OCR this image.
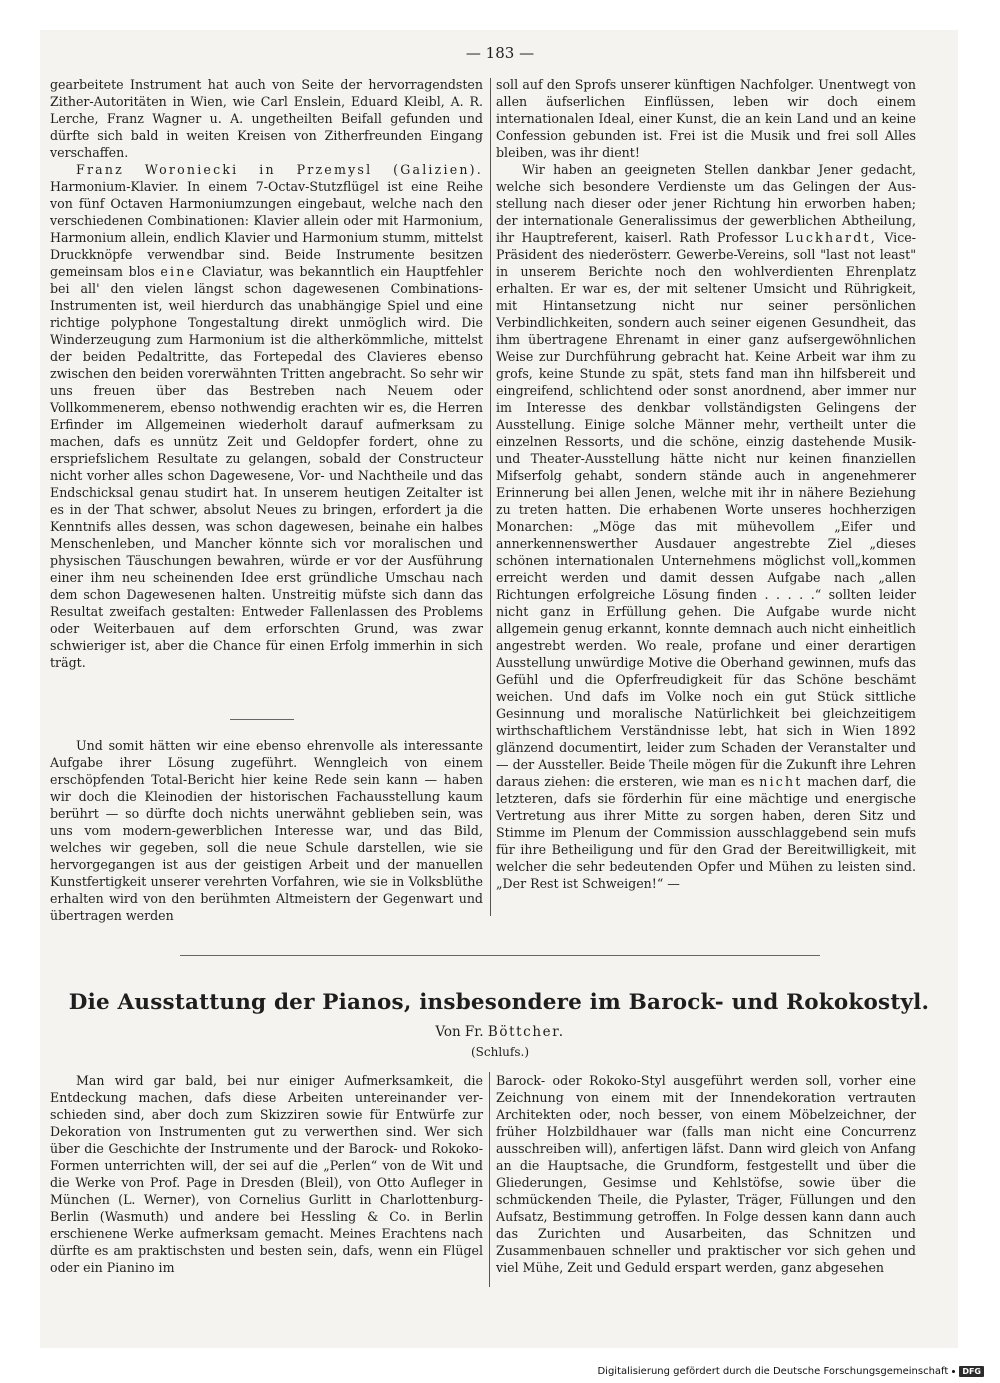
— 183 —

gearbeitete Instrument hat auch von Seite der hervorragendsten Zither-Autoritäten in Wien, wie Carl Enslein, Eduard Kleibl, A. R. Lerche, Franz Wagner u. A. ungetheilten Beifall gefunden und dürfte sich bald in weiten Kreisen von Zitherfreunden Eingang verschaffen.

Franz Woroniecki in Przemysl (Galizien). Harmonium-Klavier. In einem 7-Octav-Stutzflügel ist eine Reihe von fünf Octaven Harmoniumzungen eingebaut, welche nach den verschiedenen Combinationen: Klavier allein oder mit Harmonium, Harmonium allein, endlich Klavier und Harmonium stumm, mittelst Druckknöpfe verwendbar sind. Beide Instrumente besitzen gemeinsam blos eine Claviatur, was bekanntlich ein Hauptfehler bei all' den vielen längst schon dagewesenen Combinations-Instrumenten ist, weil hierdurch das unabhängige Spiel und eine richtige polyphone Tongestaltung direkt unmöglich wird. Die Winderzeugung zum Harmonium ist die altherkömmliche, mittelst der beiden Pedaltritte, das Fortepedal des Clavieres ebenso zwischen den beiden vorerwähnten Tritten angebracht. So sehr wir uns freuen über das Bestreben nach Neuem oder Vollkommenerem, ebenso nothwendig erachten wir es, die Herren Erfinder im Allgemeinen wiederholt darauf aufmerksam zu machen, dafs es unnütz Zeit und Geldopfer fordert, ohne zu erspriefslichem Resultate zu gelangen, sobald der Constructeur nicht vorher alles schon Dagewesene, Vor- und Nachtheile und das Endschicksal genau studirt hat. In unserem heutigen Zeitalter ist es in der That schwer, absolut Neues zu bringen, erfordert ja die Kenntnifs alles dessen, was schon dagewesen, beinahe ein halbes Menschenleben, und Mancher könnte sich vor moralischen und physischen Täuschungen bewahren, würde er vor der Ausführung einer ihm neu scheinenden Idee erst gründliche Umschau nach dem schon Dagewesenen halten. Unstreitig müfste sich dann das Resultat zweifach gestalten: Entweder Fallenlassen des Problems oder Weiterbauen auf dem erforschten Grund, was zwar schwieriger ist, aber die Chance für einen Erfolg immerhin in sich trägt.

Und somit hätten wir eine ebenso ehrenvolle als interessante Aufgabe ihrer Lösung zugeführt. Wenngleich von einem erschöpfenden Total-Bericht hier keine Rede sein kann — haben wir doch die Kleinodien der historischen Fachausstellung kaum berührt — so dürfte doch nichts unerwähnt geblieben sein, was uns vom modern-gewerblichen Interesse war, und das Bild, welches wir gegeben, soll die neue Schule darstellen, wie sie hervorgegangen ist aus der geistigen Arbeit und der manuellen Kunstfertigkeit unserer verehrten Vorfahren, wie sie in Volksblüthe erhalten wird von den berühmten Altmeistern der Gegenwart und übertragen werden

soll auf den Sprofs unserer künftigen Nachfolger. Unentwegt von allen äufserlichen Einflüssen, leben wir doch einem internationalen Ideal, einer Kunst, die an kein Land und an keine Confession gebunden ist. Frei ist die Musik und frei soll Alles bleiben, was ihr dient!

Wir haben an geeigneten Stellen dankbar Jener gedacht, welche sich besondere Verdienste um das Gelingen der Ausstellung nach dieser oder jener Richtung hin erworben haben; der internationale Generalissimus der gewerblichen Abtheilung, ihr Hauptreferent, kaiserl. Rath Professor Luckhardt, Vice-Präsident des niederösterr. Gewerbe-Vereins, soll "last not least" in unserem Berichte noch den wohlverdienten Ehrenplatz erhalten. Er war es, der mit seltener Umsicht und Rührigkeit, mit Hintansetzung nicht nur seiner persönlichen Verbindlichkeiten, sondern auch seiner eigenen Gesundheit, das ihm übertragene Ehrenamt in einer ganz aufsergewöhnlichen Weise zur Durchführung gebracht hat. Keine Arbeit war ihm zu grofs, keine Stunde zu spät, stets fand man ihn hilfsbereit und eingreifend, schlichtend oder sonst anordnend, aber immer nur im Interesse des denkbar vollständigsten Gelingens der Ausstellung. Einige solche Männer mehr, vertheilt unter die einzelnen Ressorts, und die schöne, einzig dastehende Musik- und Theater-Ausstellung hätte nicht nur keinen finanziellen Mifserfolg gehabt, sondern stände auch in angenehmerer Erinnerung bei allen Jenen, welche mit ihr in nähere Beziehung zu treten hatten. Die erhabenen Worte unseres hochherzigen Monarchen: „Möge das mit mühevollem „Eifer und annerkennenswerther Ausdauer angestrebte Ziel „dieses schönen internationalen Unternehmens möglichst voll„kommen erreicht werden und damit dessen Aufgabe nach „allen Richtungen erfolgreiche Lösung finden . . . . .“ sollten leider nicht ganz in Erfüllung gehen. Die Aufgabe wurde nicht allgemein genug erkannt, konnte demnach auch nicht einheitlich angestrebt werden. Wo reale, profane und einer derartigen Ausstellung unwürdige Motive die Oberhand gewinnen, mufs das Gefühl und die Opferfreudigkeit für das Schöne beschämt weichen. Und dafs im Volke noch ein gut Stück sittliche Gesinnung und moralische Natürlichkeit bei gleichzeitigem wirthschaftlichem Verständnisse lebt, hat sich in Wien 1892 glänzend documentirt, leider zum Schaden der Veranstalter und — der Aussteller. Beide Theile mögen für die Zukunft ihre Lehren daraus ziehen: die ersteren, wie man es nicht machen darf, die letzteren, dafs sie förderhin für eine mächtige und energische Vertretung aus ihrer Mitte zu sorgen haben, deren Sitz und Stimme im Plenum der Commission ausschlaggebend sein mufs für ihre Betheiligung und für den Grad der Bereitwilligkeit, mit welcher die sehr bedeutenden Opfer und Mühen zu leisten sind. „Der Rest ist Schweigen!“ —

Die Ausstattung der Pianos, insbesondere im Barock- und Rokokostyl.
Von Fr. Böttcher.
(Schlufs.)

Man wird gar bald, bei nur einiger Aufmerksamkeit, die Entdeckung machen, dafs diese Arbeiten untereinander verschieden sind, aber doch zum Skizziren sowie für Entwürfe zur Dekoration von Instrumenten gut zu verwerthen sind. Wer sich über die Geschichte der Instrumente und der Barock- und Rokoko-Formen unterrichten will, der sei auf die „Perlen“ von de Wit und die Werke von Prof. Page in Dresden (Bleil), von Otto Aufleger in München (L. Werner), von Cornelius Gurlitt in Charlottenburg-Berlin (Wasmuth) und andere bei Hessling & Co. in Berlin erschienene Werke aufmerksam gemacht. Meines Erachtens nach dürfte es am praktischsten und besten sein, dafs, wenn ein Flügel oder ein Pianino im

Barock- oder Rokoko-Styl ausgeführt werden soll, vorher eine Zeichnung von einem mit der Innendekoration vertrauten Architekten oder, noch besser, von einem Möbelzeichner, der früher Holzbildhauer war (falls man nicht eine Concurrenz ausschreiben will), anfertigen läfst. Dann wird gleich von Anfang an die Hauptsache, die Grundform, festgestellt und über die Gliederungen, Gesimse und Kehlstöfse, sowie über die schmückenden Theile, die Pylaster, Träger, Füllungen und den Aufsatz, Bestimmung getroffen. In Folge dessen kann dann auch das Zurichten und Ausarbeiten, das Schnitzen und Zusammenbauen schneller und praktischer vor sich gehen und viel Mühe, Zeit und Geduld erspart werden, ganz abgesehen

Digitalisierung gefördert durch die Deutsche Forschungsgemeinschaft	DFG
